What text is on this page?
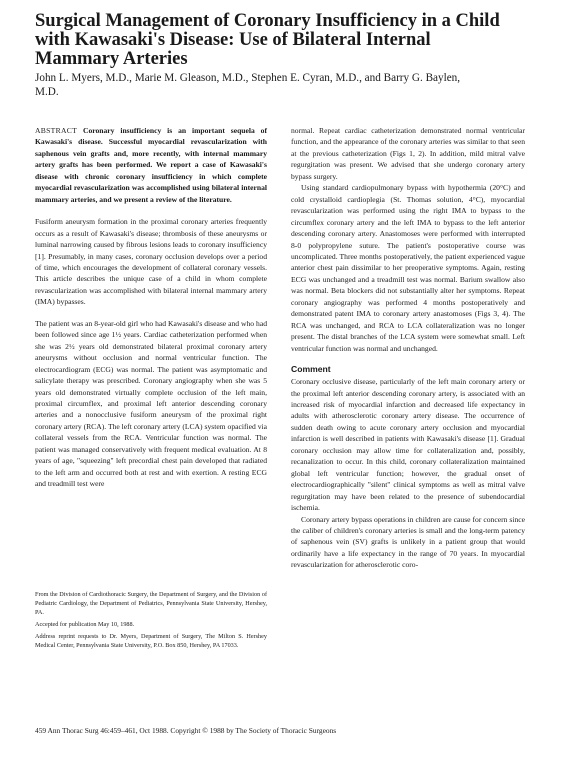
Surgical Management of Coronary Insufficiency in a Child with Kawasaki's Disease: Use of Bilateral Internal Mammary Arteries

John L. Myers, M.D., Marie M. Gleason, M.D., Stephen E. Cyran, M.D., and Barry G. Baylen, M.D.

ABSTRACT Coronary insufficiency is an important sequela of Kawasaki's disease. Successful myocardial revascularization with saphenous vein grafts and, more recently, with internal mammary artery grafts has been performed. We report a case of Kawasaki's disease with chronic coronary insufficiency in which complete myocardial revascularization was accomplished using bilateral internal mammary arteries, and we present a review of the literature.

Fusiform aneurysm formation in the proximal coronary arteries frequently occurs as a result of Kawasaki's disease; thrombosis of these aneurysms or luminal narrowing caused by fibrous lesions leads to coronary insufficiency [1]. Presumably, in many cases, coronary occlusion develops over a period of time, which encourages the development of collateral coronary vessels. This article describes the unique case of a child in whom complete revascularization was accomplished with bilateral internal mammary artery (IMA) bypasses.

The patient was an 8-year-old girl who had Kawasaki's disease and who had been followed since age 1½ years. Cardiac catheterization performed when she was 2½ years old demonstrated bilateral proximal coronary artery aneurysms without occlusion and normal ventricular function. The electrocardiogram (ECG) was normal. The patient was asymptomatic and salicylate therapy was prescribed. Coronary angiography when she was 5 years old demonstrated virtually complete occlusion of the left main, proximal circumflex, and proximal left anterior descending coronary arteries and a nonocclusive fusiform aneurysm of the proximal right coronary artery (RCA). The left coronary artery (LCA) system opacified via collateral vessels from the RCA. Ventricular function was normal. The patient was managed conservatively with frequent medical evaluation. At 8 years of age, "squeezing" left precordial chest pain developed that radiated to the left arm and occurred both at rest and with exertion. A resting ECG and treadmill test were

From the Division of Cardiothoracic Surgery, the Department of Surgery, and the Division of Pediatric Cardiology, the Department of Pediatrics, Pennsylvania State University, Hershey, PA.

Accepted for publication May 10, 1988.

Address reprint requests to Dr. Myers, Department of Surgery, The Milton S. Hershey Medical Center, Pennsylvania State University, P.O. Box 850, Hershey, PA 17033.

normal. Repeat cardiac catheterization demonstrated normal ventricular function, and the appearance of the coronary arteries was similar to that seen at the previous catheterization (Figs 1, 2). In addition, mild mitral valve regurgitation was present. We advised that she undergo coronary artery bypass surgery.

Using standard cardiopulmonary bypass with hypothermia (20°C) and cold crystalloid cardioplegia (St. Thomas solution, 4°C), myocardial revascularization was performed using the right IMA to bypass to the circumflex coronary artery and the left IMA to bypass to the left anterior descending coronary artery. Anastomoses were performed with interrupted 8-0 polypropylene suture. The patient's postoperative course was uncomplicated. Three months postoperatively, the patient experienced vague anterior chest pain dissimilar to her preoperative symptoms. Again, resting ECG was unchanged and a treadmill test was normal. Barium swallow also was normal. Beta blockers did not substantially alter her symptoms. Repeat coronary angiography was performed 4 months postoperatively and demonstrated patent IMA to coronary artery anastomoses (Figs 3, 4). The RCA was unchanged, and RCA to LCA collateralization was no longer present. The distal branches of the LCA system were somewhat small. Left ventricular function was normal and unchanged.

Comment

Coronary occlusive disease, particularly of the left main coronary artery or the proximal left anterior descending coronary artery, is associated with an increased risk of myocardial infarction and decreased life expectancy in adults with atherosclerotic coronary artery disease. The occurrence of sudden death owing to acute coronary artery occlusion and myocardial infarction is well described in patients with Kawasaki's disease [1]. Gradual coronary occlusion may allow time for collateralization and, possibly, recanalization to occur. In this child, coronary collateralization maintained global left ventricular function; however, the gradual onset of electrocardiographically "silent" clinical symptoms as well as mitral valve regurgitation may have been related to the presence of subendocardial ischemia.

Coronary artery bypass operations in children are cause for concern since the caliber of children's coronary arteries is small and the long-term patency of saphenous vein (SV) grafts is unlikely in a patient group that would ordinarily have a life expectancy in the range of 70 years. In myocardial revascularization for atherosclerotic coro-

459 Ann Thorac Surg 46:459–461, Oct 1988. Copyright © 1988 by The Society of Thoracic Surgeons
